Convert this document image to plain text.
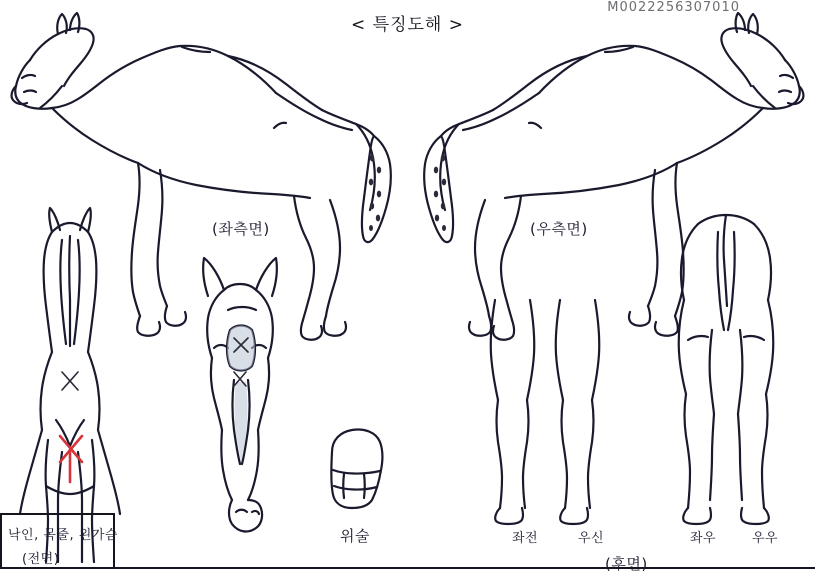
M0022256307010
< 특징도해 >
(좌측면)	(우측면)
낙인, 목줄, 왼가슴
(전면)
위술
(후면)
좌전	우신	좌우	우우
